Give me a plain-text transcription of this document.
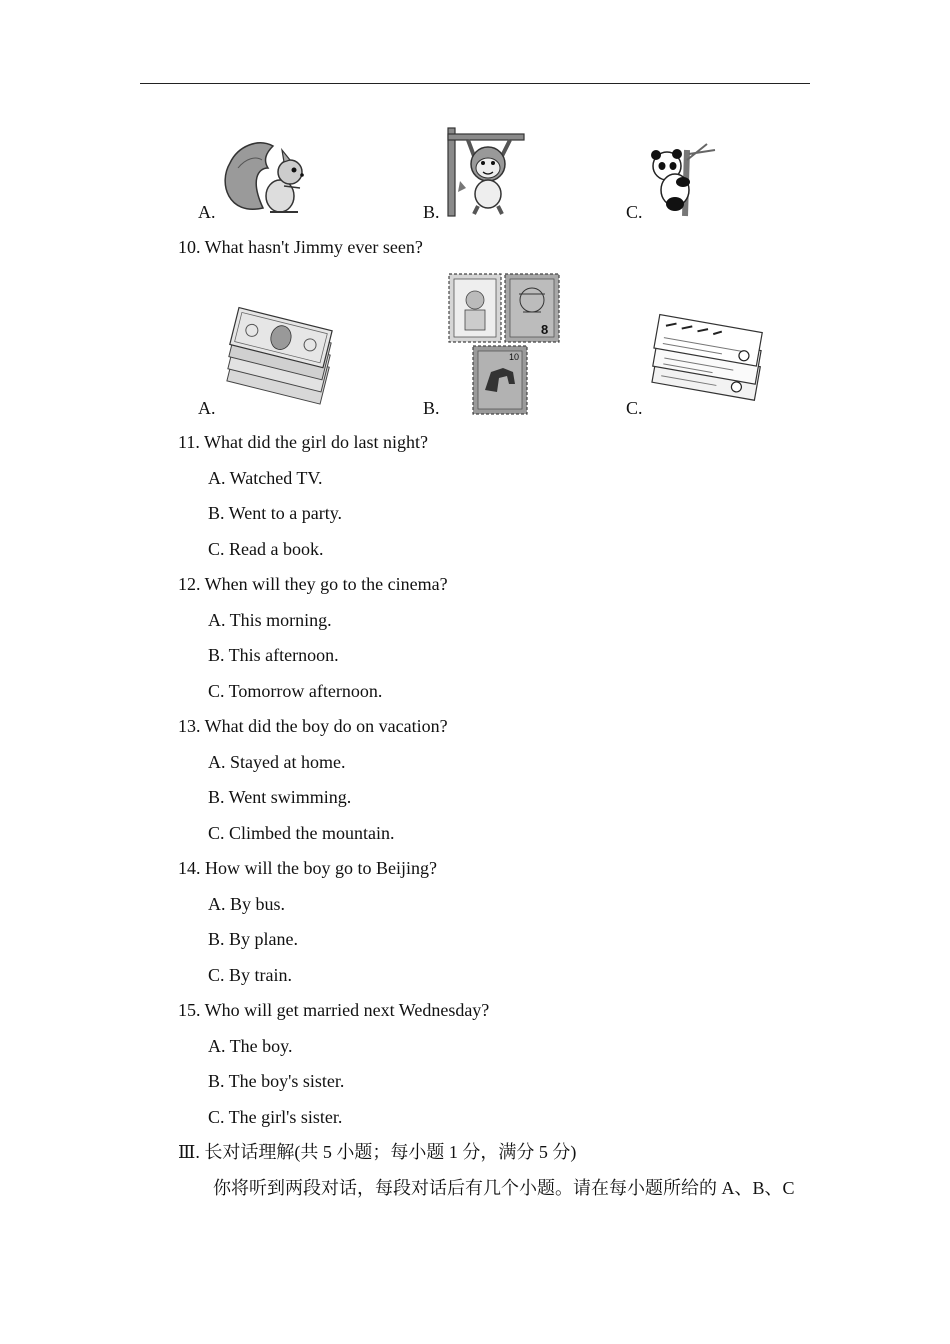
A.	B.	C.
10. What hasn't Jimmy ever seen?
A.	B.
8
10
C.
11. What did the girl do last night?
A. Watched TV.
B. Went to a party.
C. Read a book.
12. When will they go to the cinema?
A. This morning.
B. This afternoon.
C. Tomorrow afternoon.
13. What did the boy do on vacation?
A. Stayed at home.
B. Went swimming.
C. Climbed the mountain.
14. How will the boy go to Beijing?
A. By bus.
B. By plane.
C. By train.
15. Who will get married next Wednesday?
A. The boy.
B. The boy's sister.
C. The girl's sister.
Ⅲ. 长对话理解(共 5 小题；每小题 1 分，满分 5 分)
你将听到两段对话，每段对话后有几个小题。请在每小题所给的 A、B、C
